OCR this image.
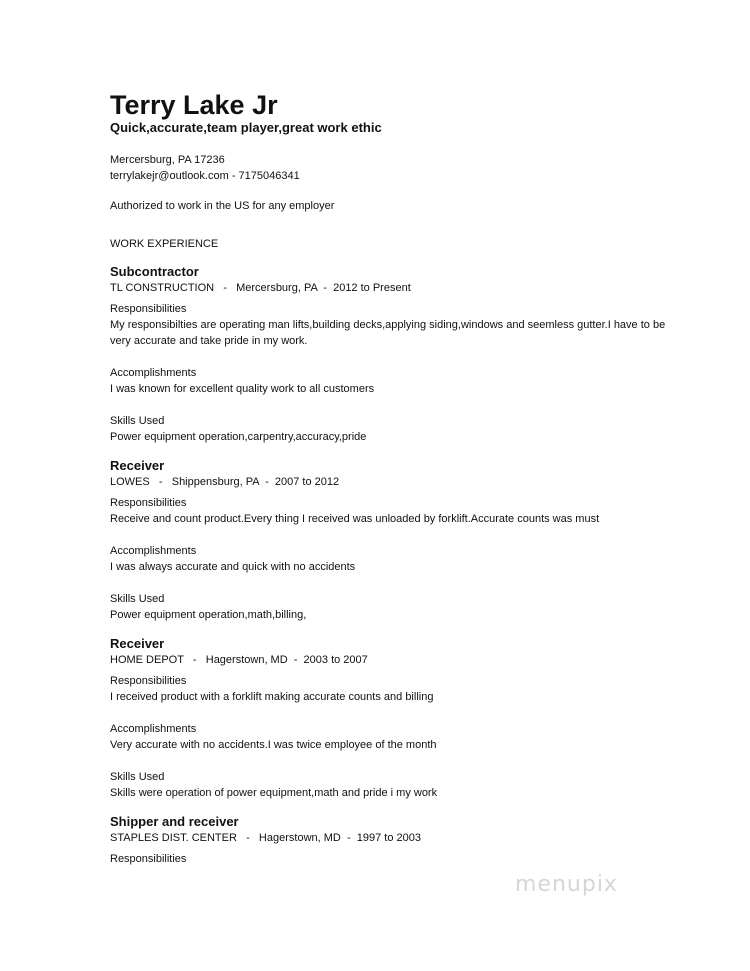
Terry Lake Jr
Quick,accurate,team player,great work ethic
Mercersburg, PA 17236
terrylakejr@outlook.com - 7175046341
Authorized to work in the US for any employer
WORK EXPERIENCE
Subcontractor
TL CONSTRUCTION   -   Mercersburg, PA  -  2012 to Present
Responsibilities
My responsibilties are operating man lifts,building decks,applying siding,windows and seemless gutter.I have to be very accurate and take pride in my work.
Accomplishments
I was known for excellent quality work to all customers
Skills Used
Power equipment operation,carpentry,accuracy,pride
Receiver
LOWES   -   Shippensburg, PA  -  2007 to 2012
Responsibilities
Receive and count product.Every thing I received was unloaded by forklift.Accurate counts was must
Accomplishments
I was always accurate and quick with no accidents
Skills Used
Power equipment operation,math,billing,
Receiver
HOME DEPOT   -   Hagerstown, MD  -  2003 to 2007
Responsibilities
I received product with a forklift making accurate counts and billing
Accomplishments
Very accurate with no accidents.I was twice employee of the month
Skills Used
Skills were operation of power equipment,math and pride i my work
Shipper and receiver
STAPLES DIST. CENTER   -   Hagerstown, MD  -  1997 to 2003
Responsibilities
menupix
